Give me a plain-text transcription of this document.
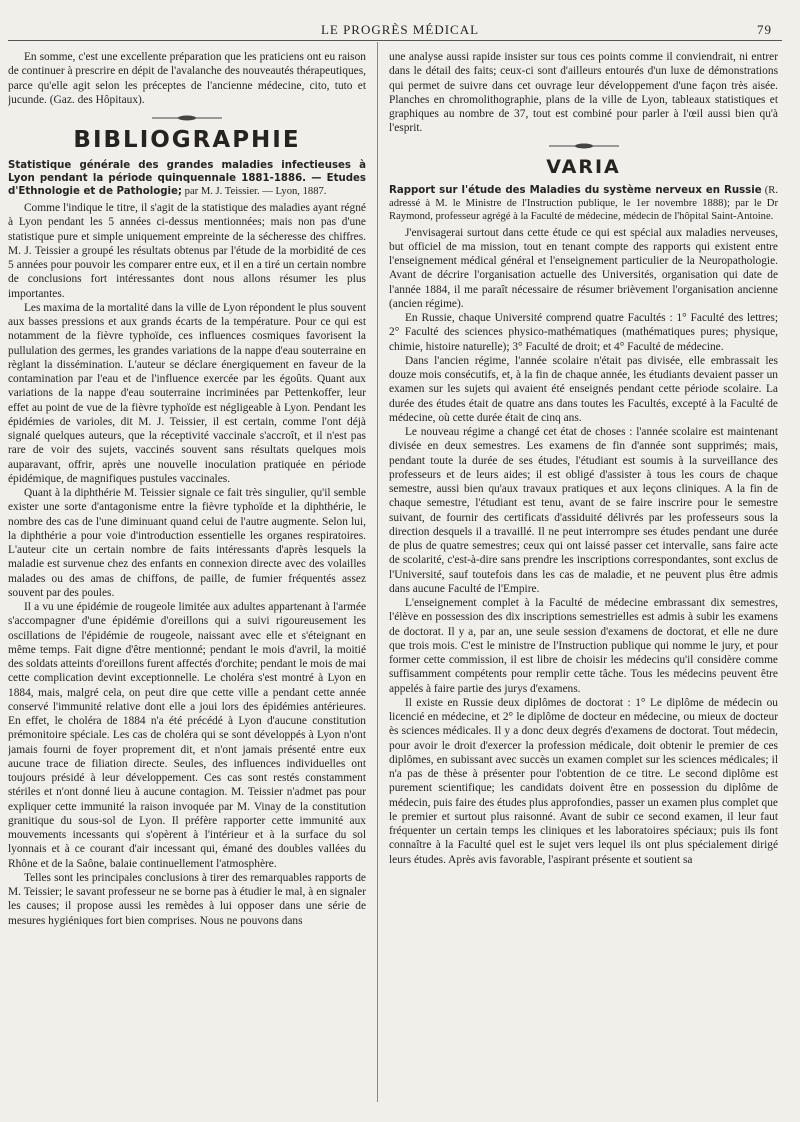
LE PROGRÈS MÉDICAL	79

En somme, c'est une excellente préparation que les praticiens ont eu raison de continuer à prescrire en dépit de l'avalanche des nouveautés thérapeutiques, parce qu'elle agit selon les préceptes de l'ancienne médecine, cito, tuto et jucunde. (Gaz. des Hôpitaux).

BIBLIOGRAPHIE
Statistique générale des grandes maladies infectieuses à Lyon pendant la période quinquennale 1881-1886. — Etudes d'Ethnologie et de Pathologie; par M. J. Teissier. — Lyon, 1887.

Comme l'indique le titre, il s'agit de la statistique des maladies ayant régné à Lyon pendant les 5 années ci-dessus mentionnées; mais non pas d'une statistique pure et simple uniquement empreinte de la sécheresse des chiffres. M. J. Teissier a groupé les résultats obtenus par l'étude de la morbidité de ces 5 années pour pouvoir les comparer entre eux, et il en a tiré un certain nombre de conclusions fort intéressantes dont nous allons résumer les plus importantes.

Les maxima de la mortalité dans la ville de Lyon répondent le plus souvent aux basses pressions et aux grands écarts de la température. Pour ce qui est notamment de la fièvre typhoïde, ces influences cosmiques favorisent la pullulation des germes, les grandes variations de la nappe d'eau souterraine en règlant la dissémination. L'auteur se déclare énergiquement en faveur de la contamination par l'eau et de l'influence exercée par les égoûts. Quant aux variations de la nappe d'eau souterraine incriminées par Pettenkoffer, leur effet au point de vue de la fièvre typhoïde est négligeable à Lyon. Pendant les épidémies de varioles, dit M. J. Teissier, il est certain, comme l'ont déjà signalé quelques auteurs, que la réceptivité vaccinale s'accroît, et il n'est pas rare de voir des sujets, vaccinés souvent sans résultats quelques mois auparavant, offrir, après une nouvelle inoculation pratiquée en période épidémique, de magnifiques pustules vaccinales.

Quant à la diphthérie M. Teissier signale ce fait très singulier, qu'il semble exister une sorte d'antagonisme entre la fièvre typhoïde et la diphthérie, le nombre des cas de l'une diminuant quand celui de l'autre augmente. Selon lui, la diphthérie a pour voie d'introduction essentielle les organes respiratoires. L'auteur cite un certain nombre de faits intéressants d'après lesquels la maladie est survenue chez des enfants en connexion directe avec des volailles malades ou des amas de chiffons, de paille, de fumier fréquentés assez souvent par des poules.

Il a vu une épidémie de rougeole limitée aux adultes appartenant à l'armée s'accompagner d'une épidémie d'oreillons qui a suivi rigoureusement les oscillations de l'épidémie de rougeole, naissant avec elle et s'éteignant en même temps. Fait digne d'être mentionné; pendant le mois d'avril, la moitié des soldats atteints d'oreillons furent affectés d'orchite; pendant le mois de mai cette complication devint exceptionnelle. Le choléra s'est montré à Lyon en 1884, mais, malgré cela, on peut dire que cette ville a pendant cette année conservé l'immunité relative dont elle a joui lors des épidémies antérieures. En effet, le choléra de 1884 n'a été précédé à Lyon d'aucune constitution prémonitoire spéciale. Les cas de choléra qui se sont développés à Lyon n'ont jamais fourni de foyer proprement dit, et n'ont jamais présenté entre eux aucune trace de filiation directe. Seules, des influences individuelles ont toujours présidé à leur développement. Ces cas sont restés constamment stériles et n'ont donné lieu à aucune contagion. M. Teissier n'admet pas pour expliquer cette immunité la raison invoquée par M. Vinay de la constitution granitique du sous-sol de Lyon. Il préfère rapporter cette immunité aux mouvements incessants qui s'opèrent à l'intérieur et à la surface du sol lyonnais et à ce courant d'air incessant qui, émané des doubles vallées du Rhône et de la Saône, balaie continuellement l'atmosphère.

Telles sont les principales conclusions à tirer des remarquables rapports de M. Teissier; le savant professeur ne se borne pas à étudier le mal, à en signaler les causes; il propose aussi les remèdes à lui opposer dans une série de mesures hygiéniques fort bien comprises. Nous ne pouvons dans

une analyse aussi rapide insister sur tous ces points comme il conviendrait, ni entrer dans le détail des faits; ceux-ci sont d'ailleurs entourés d'un luxe de démonstrations qui permet de suivre dans cet ouvrage leur développement d'une façon très aisée. Planches en chromolithographie, plans de la ville de Lyon, tableaux statistiques et graphiques au nombre de 37, tout est combiné pour parler à l'œil aussi bien qu'à l'esprit.

VARIA
Rapport sur l'étude des Maladies du système nerveux en Russie (R. adressé à M. le Ministre de l'Instruction publique, le 1er novembre 1888); par le Dr Raymond, professeur agrégé à la Faculté de médecine, médecin de l'hôpital Saint-Antoine.

J'envisagerai surtout dans cette étude ce qui est spécial aux maladies nerveuses, but officiel de ma mission, tout en tenant compte des rapports qui existent entre l'enseignement médical général et l'enseignement particulier de la Neuropathologie. Avant de décrire l'organisation actuelle des Universités, organisation qui date de l'année 1884, il me paraît nécessaire de résumer brièvement l'organisation ancienne (ancien régime).

En Russie, chaque Université comprend quatre Facultés : 1° Faculté des lettres; 2° Faculté des sciences physico-mathématiques (mathématiques pures; physique, chimie, histoire naturelle); 3° Faculté de droit; et 4° Faculté de médecine.

Dans l'ancien régime, l'année scolaire n'était pas divisée, elle embrassait les douze mois consécutifs, et, à la fin de chaque année, les étudiants devaient passer un examen sur les sujets qui avaient été enseignés pendant cette période scolaire. La durée des études était de quatre ans dans toutes les Facultés, excepté à la Faculté de médecine, où cette durée était de cinq ans.

Le nouveau régime a changé cet état de choses : l'année scolaire est maintenant divisée en deux semestres. Les examens de fin d'année sont supprimés; mais, pendant toute la durée de ses études, l'étudiant est soumis à la surveillance des professeurs et de leurs aides; il est obligé d'assister à tous les cours de chaque semestre, aussi bien qu'aux travaux pratiques et aux leçons cliniques. A la fin de chaque semestre, l'étudiant est tenu, avant de se faire inscrire pour le semestre suivant, de fournir des certificats d'assiduité délivrés par les professeurs sous la direction desquels il a travaillé. Il ne peut interrompre ses études pendant une durée de plus de quatre semestres; ceux qui ont laissé passer cet intervalle, sans faire acte de scolarité, c'est-à-dire sans prendre les inscriptions correspondantes, sont exclus de l'Université, sauf toutefois dans les cas de maladie, et ne peuvent plus être admis dans aucune Faculté de l'Empire.

L'enseignement complet à la Faculté de médecine embrassant dix semestres, l'élève en possession des dix inscriptions semestrielles est admis à subir les examens de doctorat. Il y a, par an, une seule session d'examens de doctorat, et elle ne dure que trois mois. C'est le ministre de l'Instruction publique qui nomme le jury, et pour former cette commission, il est libre de choisir les médecins qu'il considère comme suffisamment compétents pour remplir cette tâche. Tous les médecins peuvent être appelés à faire partie des jurys d'examens.

Il existe en Russie deux diplômes de doctorat : 1° Le diplôme de médecin ou licencié en médecine, et 2° le diplôme de docteur en médecine, ou mieux de docteur ès sciences médicales. Il y a donc deux degrés d'examens de doctorat. Tout médecin, pour avoir le droit d'exercer la profession médicale, doit obtenir le premier de ces diplômes, en subissant avec succès un examen complet sur les sciences médicales; il n'a pas de thèse à présenter pour l'obtention de ce titre. Le second diplôme est purement scientifique; les candidats doivent être en possession du diplôme de médecin, puis faire des études plus approfondies, passer un examen plus complet que le premier et surtout plus raisonné. Avant de subir ce second examen, il leur faut fréquenter un certain temps les cliniques et les laboratoires spéciaux; puis ils font connaître à la Faculté quel est le sujet vers lequel ils ont plus spécialement dirigé leurs études. Après avis favorable, l'aspirant présente et soutient sa
